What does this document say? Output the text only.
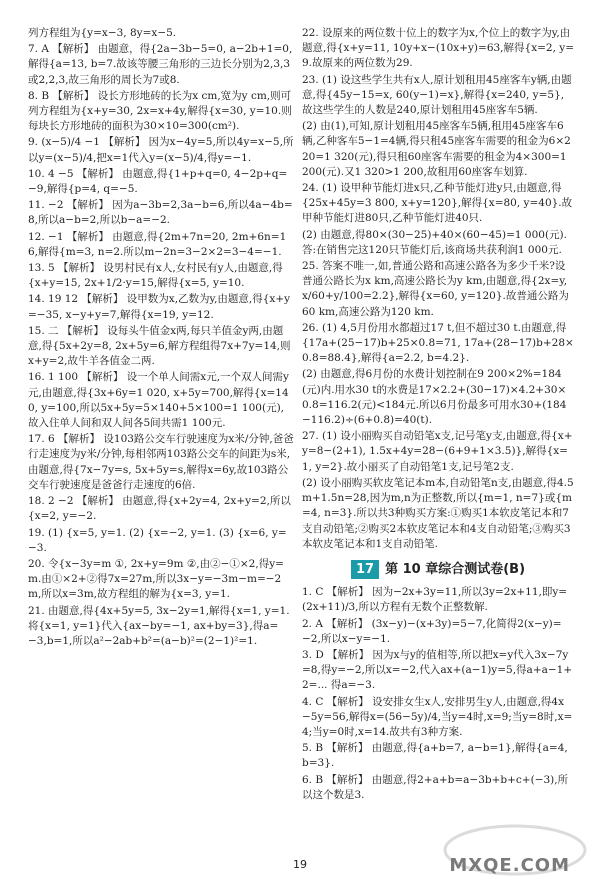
列方程组为{y=x−3, 8y=x−5.

7. A 【解析】 由题意，得{2a−3b−5=0, a−2b+1=0,解得{a=13, b=7.故该等腰三角形的三边长分别为2,3,3或2,2,3,故三角形的周长为7或8.

8. B 【解析】 设长方形地砖的长为x cm,宽为y cm,则可列方程组为{x+y=30, 2x=x+4y,解得{x=30, y=10.则每块长方形地砖的面积为30×10=300(cm²).

9. (x−5)/4 −1 【解析】 因为x−4y=5,所以4y=x−5,所以y=(x−5)/4,把x=1代入y=(x−5)/4,得y=−1.

10. 4 −5 【解析】 由题意,得{1+p+q=0, 4−2p+q=−9,解得{p=4, q=−5.

11. −2 【解析】 因为a−3b=2,3a−b=6,所以4a−4b=8,所以a−b=2,所以b−a=−2.

12. −1 【解析】 由题意,得{2m+7n=20, 2m+6n=16,解得{m=3, n=2.所以m−2n=3−2×2=3−4=−1.

13. 5 【解析】 设男村民有x人,女村民有y人,由题意,得{x+y=15, 2x+1/2·y=15,解得{x=5, y=10.

14. 19 12 【解析】 设甲数为x,乙数为y,由题意,得{x+y=−35, x−y+y=7,解得{x=19, y=12.

15. 二 【解析】 设每头牛值金x两,每只羊值金y两,由题意,得{5x+2y=8, 2x+5y=6,解方程组得7x+7y=14,则x+y=2,故牛羊各值金二两.

16. 1 100 【解析】 设一个单人间需x元,一个双人间需y元,由题意,得{3x+6y=1 020, x+5y=700,解得{x=140, y=100,所以5x+5y=5×140+5×100=1 100(元),故入住单人间和双人间各5间共需1 100元.

17. 6 【解析】 设103路公交车行驶速度为x米/分钟,爸爸行走速度为y米/分钟,每相邻两103路公交车的间距为s米,由题意,得{7x−7y=s, 5x+5y=s,解得x=6y,故103路公交车行驶速度是爸爸行走速度的6倍.

18. 2 −2 【解析】 由题意,得{x+2y=4, 2x+y=2,所以{x=2, y=−2.

19. (1) {x=5, y=1. (2) {x=−2, y=1. (3) {x=6, y=−3.

20. 令{x−3y=m ①, 2x+y=9m ②,由②−①×2,得y=m.由①×2+②得7x=27m,所以3x−y=−3m−m=−2m,所以x=3m,故方程组的解为{x=3, y=1.

21. 由题意,得{4x+5y=5, 3x−2y=1,解得{x=1, y=1.将{x=1, y=1}代入{ax−by=−1, ax+by=3},得a=−3,b=1,所以a²−2ab+b²=(a−b)²=(2−1)²=1.

22. 设原来的两位数十位上的数字为x,个位上的数字为y,由题意,得{x+y=11, 10y+x−(10x+y)=63,解得{x=2, y=9.故原来的两位数为29.

23. (1) 设这些学生共有x人,原计划租用45座客车y辆,由题意,得{45y−15=x, 60(y−1)=x},解得{x=240, y=5},故这些学生的人数是240,原计划租用45座客车5辆.

(2) 由(1),可知,原计划租用45座客车5辆,租用45座客车6辆,乙种客车5−1=4辆,得只租45座客车需要的租金为6×220=1 320(元),得只租60座客车需要的租金为4×300=1 200(元).又1 320>1 200,故租用60座客车划算.

24. (1) 设甲种节能灯进x只,乙种节能灯进y只,由题意,得{25x+45y=3 800, x+y=120},解得{x=80, y=40}.故甲种节能灯进80只,乙种节能灯进40只.

(2) 由题意,得80×(30−25)+40×(60−45)=1 000(元).答:在销售完这120只节能灯后,该商场共获利润1 000元.

25. 答案不唯一,如,普通公路和高速公路各为多少千米?设普通公路长为x km,高速公路长为y km,由题意,得{2x=y, x/60+y/100=2.2},解得{x=60, y=120}.故普通公路为60 km,高速公路为120 km.

26. (1) 4,5月份用水都超过17 t,但不超过30 t.由题意,得{17a+(25−17)b+25×0.8=71, 17a+(28−17)b+28×0.8=88.4},解得{a=2.2, b=4.2}.

(2) 由题意,得6月份的水费计划控制在9 200×2%=184(元)内.用水30 t的水费是17×2.2+(30−17)×4.2+30×0.8=116.2(元)<184元.所以6月份最多可用水30+(184−116.2)÷(6+0.8)=40(t).

27. (1) 设小丽购买自动铅笔x支,记号笔y支,由题意,得{x+y=8−(2+1), 1.5x+4y=28−(6+9+1×3.5)},解得{x=1, y=2}.故小丽买了自动铅笔1支,记号笔2支.

(2) 设小丽购买软皮笔记本m本,自动铅笔n支,由题意,得4.5m+1.5n=28,因为m,n为正整数,所以{m=1, n=7}或{m=4, n=3}.所以共3种购买方案:①购买1本软皮笔记本和7支自动铅笔;②购买2本软皮笔记本和4支自动铅笔;③购买3本软皮笔记本和1支自动铅笔.

17 第 10 章综合测试卷(B)

1. C 【解析】 因为−2x+3y=11,所以3y=2x+11,即y=(2x+11)/3,所以方程有无数个正整数解.

2. A 【解析】 (3x−y)−(x+3y)=5−7,化简得2(x−y)=−2,所以x−y=−1.

3. D 【解析】 因为x与y的值相等,所以把x=y代入3x−7y=8,得y=−2,所以x=−2,代入ax+(a−1)y=5,得a+a−1+2=... 得a=−3.

4. C 【解析】 设安排女生x人,安排男生y人,由题意,得4x−5y=56,解得x=(56−5y)/4,当y=4时,x=9;当y=8时,x=4;当y=0时,x=14.故共有3种方案.

5. B 【解析】 由题意,得{a+b=7, a−b=1},解得{a=4, b=3}.

6. B 【解析】 由题意,得2+a+b=a−3b+b+c+(−3),所以这个数是3.

19	MXQE.COM
